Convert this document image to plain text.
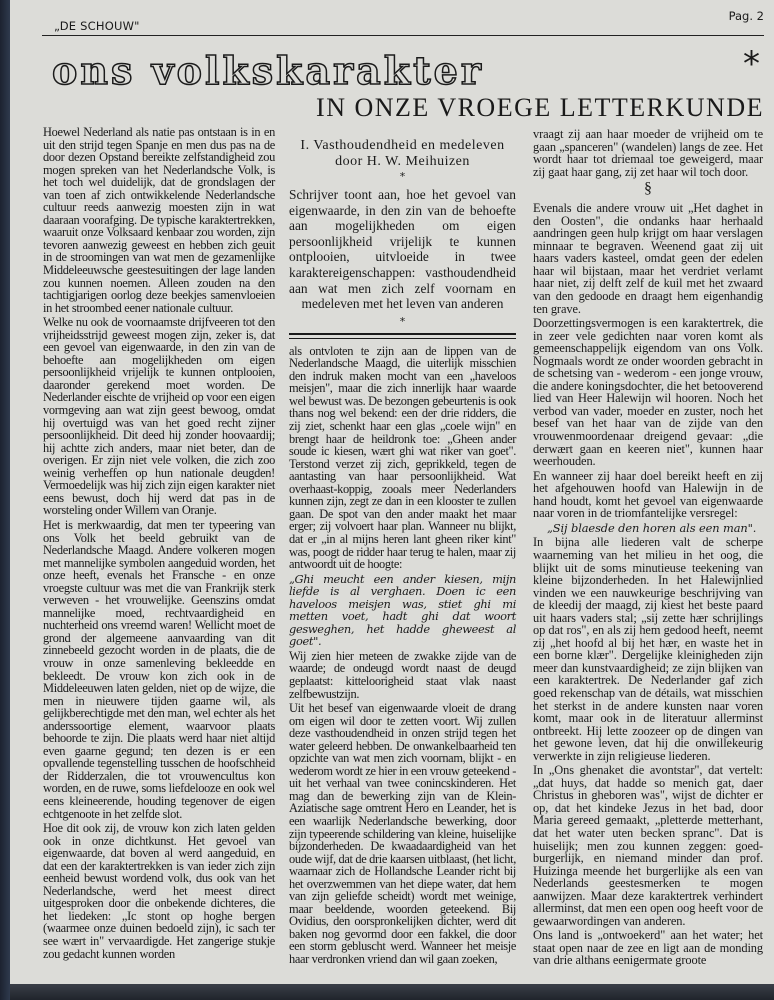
„DE SCHOUW"
Pag. 2
ons volkskarakter	*
IN ONZE VROEGE LETTERKUNDE

Hoewel Nederland als natie pas ontstaan is in en uit den strijd tegen Spanje en men dus pas na de door dezen Opstand bereikte zelfstandigheid zou mogen spreken van het Nederlandsche Volk, is het toch wel duidelijk, dat de grondslagen der van toen af zich ontwikkelende Nederlandsche cultuur reeds aanwezig moesten zijn in wat daaraan voorafging. De typische karaktertrekken, waaruit onze Volksaard kenbaar zou worden, zijn tevoren aanwezig geweest en hebben zich geuit in de stroomingen van wat men de gezamenlijke Middeleeuwsche geestesuitingen der lage landen zou kunnen noemen. Alleen zouden na den tachtigjarigen oorlog deze beekjes samenvloeien in het stroombed eener nationale cultuur.

Welke nu ook de voornaamste drijfveeren tot den vrijheidsstrijd geweest mogen zijn, zeker is, dat een gevoel van eigenwaarde, in den zin van de behoefte aan mogelijkheden om eigen persoonlijkheid vrijelijk te kunnen ontplooien, daaronder gerekend moet worden. De Nederlander eischte de vrijheid op voor een eigen vormgeving aan wat zijn geest bewoog, omdat hij overtuigd was van het goed recht zijner persoonlijkheid. Dit deed hij zonder hoovaardij; hij achtte zich anders, maar niet beter, dan de overigen. Er zijn niet vele volken, die zich zoo weinig verheffen op hun nationale deugden! Vermoedelijk was hij zich zijn eigen karakter niet eens bewust, doch hij werd dat pas in de worsteling onder Willem van Oranje.

Het is merkwaardig, dat men ter typeering van ons Volk het beeld gebruikt van de Nederlandsche Maagd. Andere volkeren mogen met mannelijke symbolen aangeduid worden, het onze heeft, evenals het Fransche - en onze vroegste cultuur was met die van Frankrijk sterk verweven - het vrouwelijke. Geenszins omdat mannelijke moed, rechtvaardigheid en nuchterheid ons vreemd waren! Wellicht moet de grond der algemeene aanvaarding van dit zinnebeeld gezocht worden in de plaats, die de vrouw in onze samenleving bekleedde en bekleedt. De vrouw kon zich ook in de Middeleeuwen laten gelden, niet op de wijze, die men in nieuwere tijden gaarne wil, als gelijkberechtigde met den man, wel echter als het anderssoortige element, waarvoor plaats behoorde te zijn. Die plaats werd haar niet altijd even gaarne gegund; ten dezen is er een opvallende tegenstelling tusschen de hoofschheid der Ridderzalen, die tot vrouwencultus kon worden, en de ruwe, soms liefdelooze en ook wel eens kleineerende, houding tegenover de eigen echtgenoote in het zelfde slot.

Hoe dit ook zij, de vrouw kon zich laten gelden ook in onze dichtkunst. Het gevoel van eigenwaarde, dat boven al werd aangeduid, en dat een der karaktertrekken is van ieder zich zijn eenheid bewust wordend volk, dus ook van het Nederlandsche, werd het meest direct uitgesproken door die onbekende dichteres, die het liedeken: „Ic stont op hoghe bergen (waarmee onze duinen bedoeld zijn), ic sach ter see wært in" vervaardigde. Het zangerige stukje zou gedacht kunnen worden

I. Vasthoudendheid en medeleven
door H. W. Meihuizen
*
Schrijver toont aan, hoe het gevoel van eigenwaarde, in den zin van de behoefte aan mogelijkheden om eigen persoonlijkheid vrijelijk te kunnen ontplooien, uitvloeide in twee karaktereigenschappen: vasthoudendheid aan wat men zich zelf voornam en medeleven met het leven van anderen
*

als ontvloten te zijn aan de lippen van de Nederlandsche Maagd, die uiterlijk misschien den indruk maken mocht van een „haveloos meisjen", maar die zich innerlijk haar waarde wel bewust was. De bezongen gebeurtenis is ook thans nog wel bekend: een der drie ridders, die zij ziet, schenkt haar een glas „coele wijn" en brengt haar de heildronk toe: „Gheen ander soude ic kiesen, wært ghi wat riker van goet". Terstond verzet zij zich, geprikkeld, tegen de aantasting van haar persoonlijkheid. Wat overhaast-koppig, zooals meer Nederlanders kunnen zijn, zegt ze dan in een klooster te zullen gaan. De spot van den ander maakt het maar erger; zij volvoert haar plan. Wanneer nu blijkt, dat er „in al mijns heren lant gheen riker kint" was, poogt de ridder haar terug te halen, maar zij antwoordt uit de hoogte:

„Ghi meucht een ander kiesen, mijn liefde is al verghaen. Doen ic een haveloos meisjen was, stiet ghi mi metten voet, hadt ghi dat woort gesweghen, het hadde gheweest al goet".

Wij zien hier meteen de zwakke zijde van de waarde; de ondeugd wordt naast de deugd geplaatst: kitteloorigheid staat vlak naast zelfbewustzijn.

Uit het besef van eigenwaarde vloeit de drang om eigen wil door te zetten voort. Wij zullen deze vasthoudendheid in onzen strijd tegen het water geleerd hebben. De onwankelbaarheid ten opzichte van wat men zich voornam, blijkt - en wederom wordt ze hier in een vrouw geteekend - uit het verhaal van twee conincskinderen. Het mag dan de bewerking zijn van de Klein-Aziatische sage omtrent Hero en Leander, het is een waarlijk Nederlandsche bewerking, door zijn typeerende schildering van kleine, huiselijke bijzonderheden. De kwaadaardigheid van het oude wijf, dat de drie kaarsen uitblaast, (het licht, waarnaar zich de Hollandsche Leander richt bij het overzwemmen van het diepe water, dat hem van zijn geliefde scheidt) wordt met weinige, maar beeldende, woorden geteekend. Bij Ovidius, den oorspronkelijken dichter, werd dit baken nog gevormd door een fakkel, die door een storm gebluscht werd. Wanneer het meisje haar verdronken vriend dan wil gaan zoeken,

vraagt zij aan haar moeder de vrijheid om te gaan „spanceren" (wandelen) langs de zee. Het wordt haar tot driemaal toe geweigerd, maar zij gaat haar gang, zij zet haar wil toch door.

§

Evenals die andere vrouw uit „Het daghet in den Oosten", die ondanks haar herhaald aandringen geen hulp krijgt om haar verslagen minnaar te begraven. Weenend gaat zij uit haars vaders kasteel, omdat geen der edelen haar wil bijstaan, maar het verdriet verlamt haar niet, zij delft zelf de kuil met het zwaard van den gedoode en draagt hem eigenhandig ten grave.

Doorzettingsvermogen is een karaktertrek, die in zeer vele gedichten naar voren komt als gemeenschappelijk eigendom van ons Volk. Nogmaals wordt ze onder woorden gebracht in de schetsing van - wederom - een jonge vrouw, die andere koningsdochter, die het betooverend lied van Heer Halewijn wil hooren. Noch het verbod van vader, moeder en zuster, noch het besef van het haar van de zijde van den vrouwenmoordenaar dreigend gevaar: „die derwært gaan en keeren niet", kunnen haar weerhouden.

En wanneer zij haar doel bereikt heeft en zij het afgehouwen hoofd van Halewijn in de hand houdt, komt het gevoel van eigenwaarde naar voren in de triomfantelijke versregel:

„Sij blaesde den horen als een man".

In bijna alle liederen valt de scherpe waarneming van het milieu in het oog, die blijkt uit de soms minutieuse teekening van kleine bijzonderheden. In het Halewijnlied vinden we een nauwkeurige beschrijving van de kleedij der maagd, zij kiest het beste paard uit haars vaders stal; „sij zette hær schrijlings op dat ros", en als zij hem gedood heeft, neemt zij „het hoofd al bij het hær, en waste het in een borne klær". Dergelijke kleinigheden zijn meer dan kunstvaardigheid; ze zijn blijken van een karaktertrek. De Nederlander gaf zich goed rekenschap van de détails, wat misschien het sterkst in de andere kunsten naar voren komt, maar ook in de literatuur allerminst ontbreekt. Hij lette zoozeer op de dingen van het gewone leven, dat hij die onwillekeurig verwerkte in zijn religieuse liederen.

In „Ons ghenaket die avontstar", dat vertelt: „dat huys, dat hadde so menich gat, daer Christus in gheboren was", wijst de dichter er op, dat het kindeke Jezus in het bad, door Maria gereed gemaakt, „pletterde metterhant, dat het water uten becken spranc". Dat is huiselijk; men zou kunnen zeggen: goed-burgerlijk, en niemand minder dan prof. Huizinga meende het burgerlijke als een van Nederlands geestesmerken te mogen aanwijzen. Maar deze karaktertrek verhindert allerminst, dat men een open oog heeft voor de gewaarwordingen van anderen.

Ons land is „ontwoekerd" aan het water; het staat open naar de zee en ligt aan de monding van drie althans eenigermate groote
